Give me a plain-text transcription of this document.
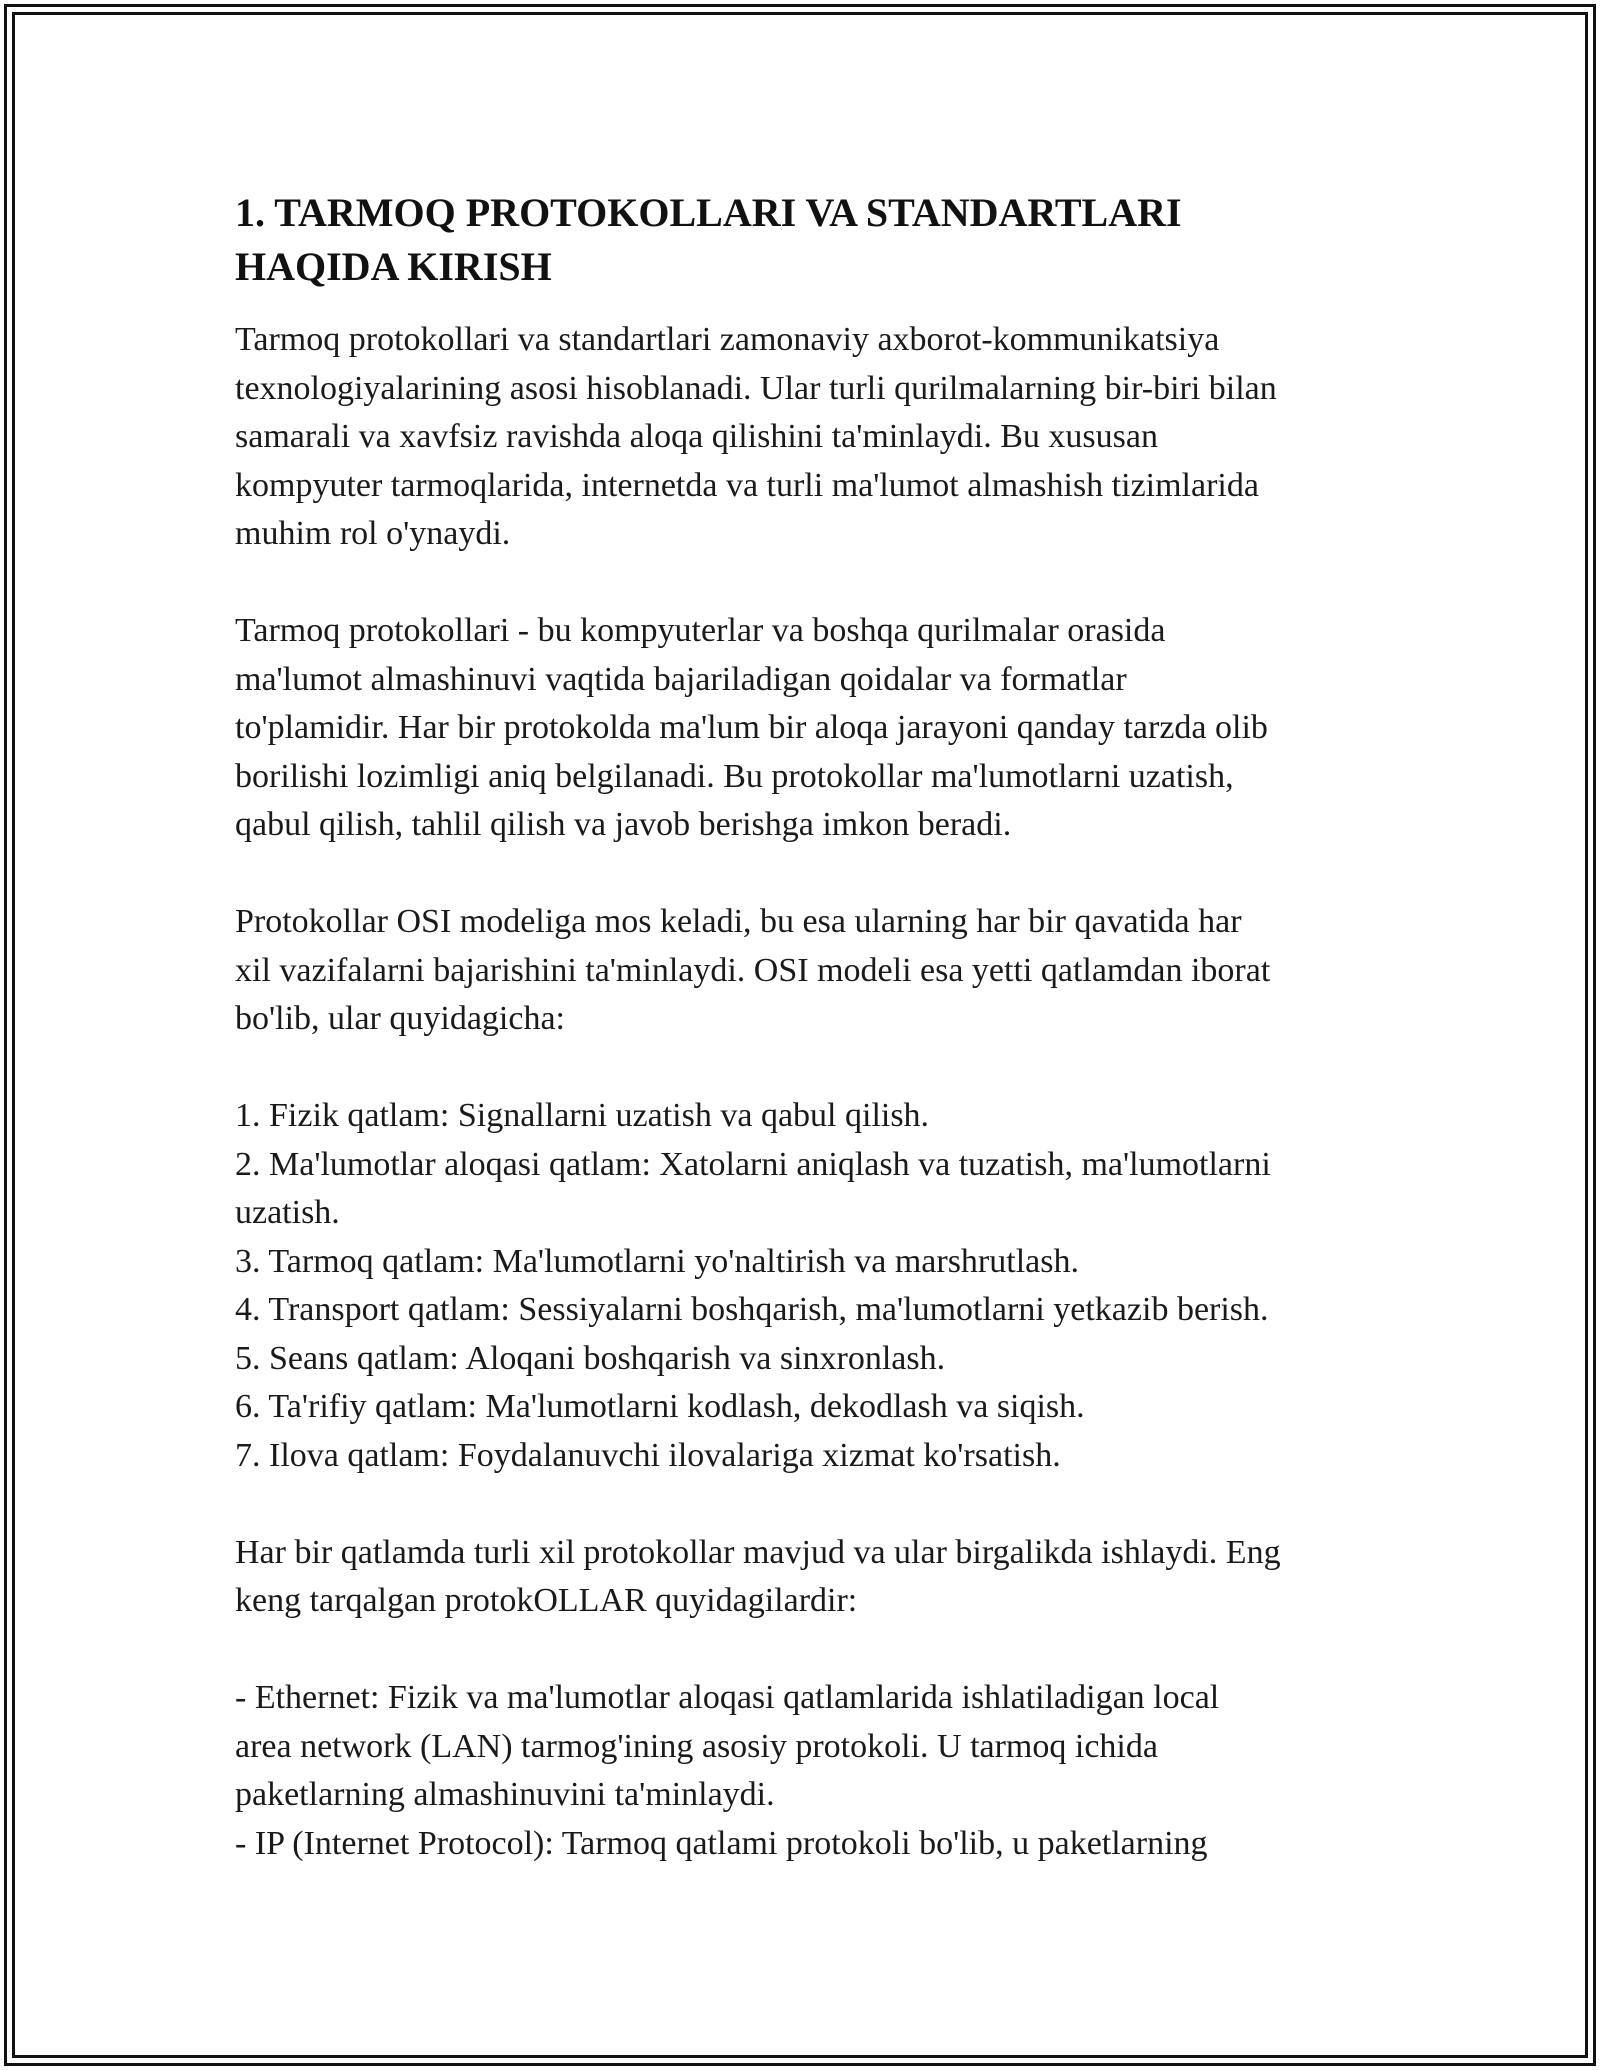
1. TARMOQ PROTOKOLLARI VA STANDARTLARI
HAQIDA KIRISH
Tarmoq protokollari va standartlari zamonaviy axborot-kommunikatsiya
texnologiyalarining asosi hisoblanadi. Ular turli qurilmalarning bir-biri bilan
samarali va xavfsiz ravishda aloqa qilishini ta'minlaydi. Bu xususan
kompyuter tarmoqlarida, internetda va turli ma'lumot almashish tizimlarida
muhim rol o'ynaydi.
Tarmoq protokollari - bu kompyuterlar va boshqa qurilmalar orasida
ma'lumot almashinuvi vaqtida bajariladigan qoidalar va formatlar
to'plamidir. Har bir protokolda ma'lum bir aloqa jarayoni qanday tarzda olib
borilishi lozimligi aniq belgilanadi. Bu protokollar ma'lumotlarni uzatish,
qabul qilish, tahlil qilish va javob berishga imkon beradi.
Protokollar OSI modeliga mos keladi, bu esa ularning har bir qavatida har
xil vazifalarni bajarishini ta'minlaydi. OSI modeli esa yetti qatlamdan iborat
bo'lib, ular quyidagicha:
1. Fizik qatlam: Signallarni uzatish va qabul qilish.
2. Ma'lumotlar aloqasi qatlam: Xatolarni aniqlash va tuzatish, ma'lumotlarni
uzatish.
3. Tarmoq qatlam: Ma'lumotlarni yo'naltirish va marshrutlash.
4. Transport qatlam: Sessiyalarni boshqarish, ma'lumotlarni yetkazib berish.
5. Seans qatlam: Aloqani boshqarish va sinxronlash.
6. Ta'rifiy qatlam: Ma'lumotlarni kodlash, dekodlash va siqish.
7. Ilova qatlam: Foydalanuvchi ilovalariga xizmat ko'rsatish.
Har bir qatlamda turli xil protokollar mavjud va ular birgalikda ishlaydi. Eng
keng tarqalgan protokOLLAR quyidagilardir:
- Ethernet: Fizik va ma'lumotlar aloqasi qatlamlarida ishlatiladigan local
area network (LAN) tarmog'ining asosiy protokoli. U tarmoq ichida
paketlarning almashinuvini ta'minlaydi.
- IP (Internet Protocol): Tarmoq qatlami protokoli bo'lib, u paketlarning
